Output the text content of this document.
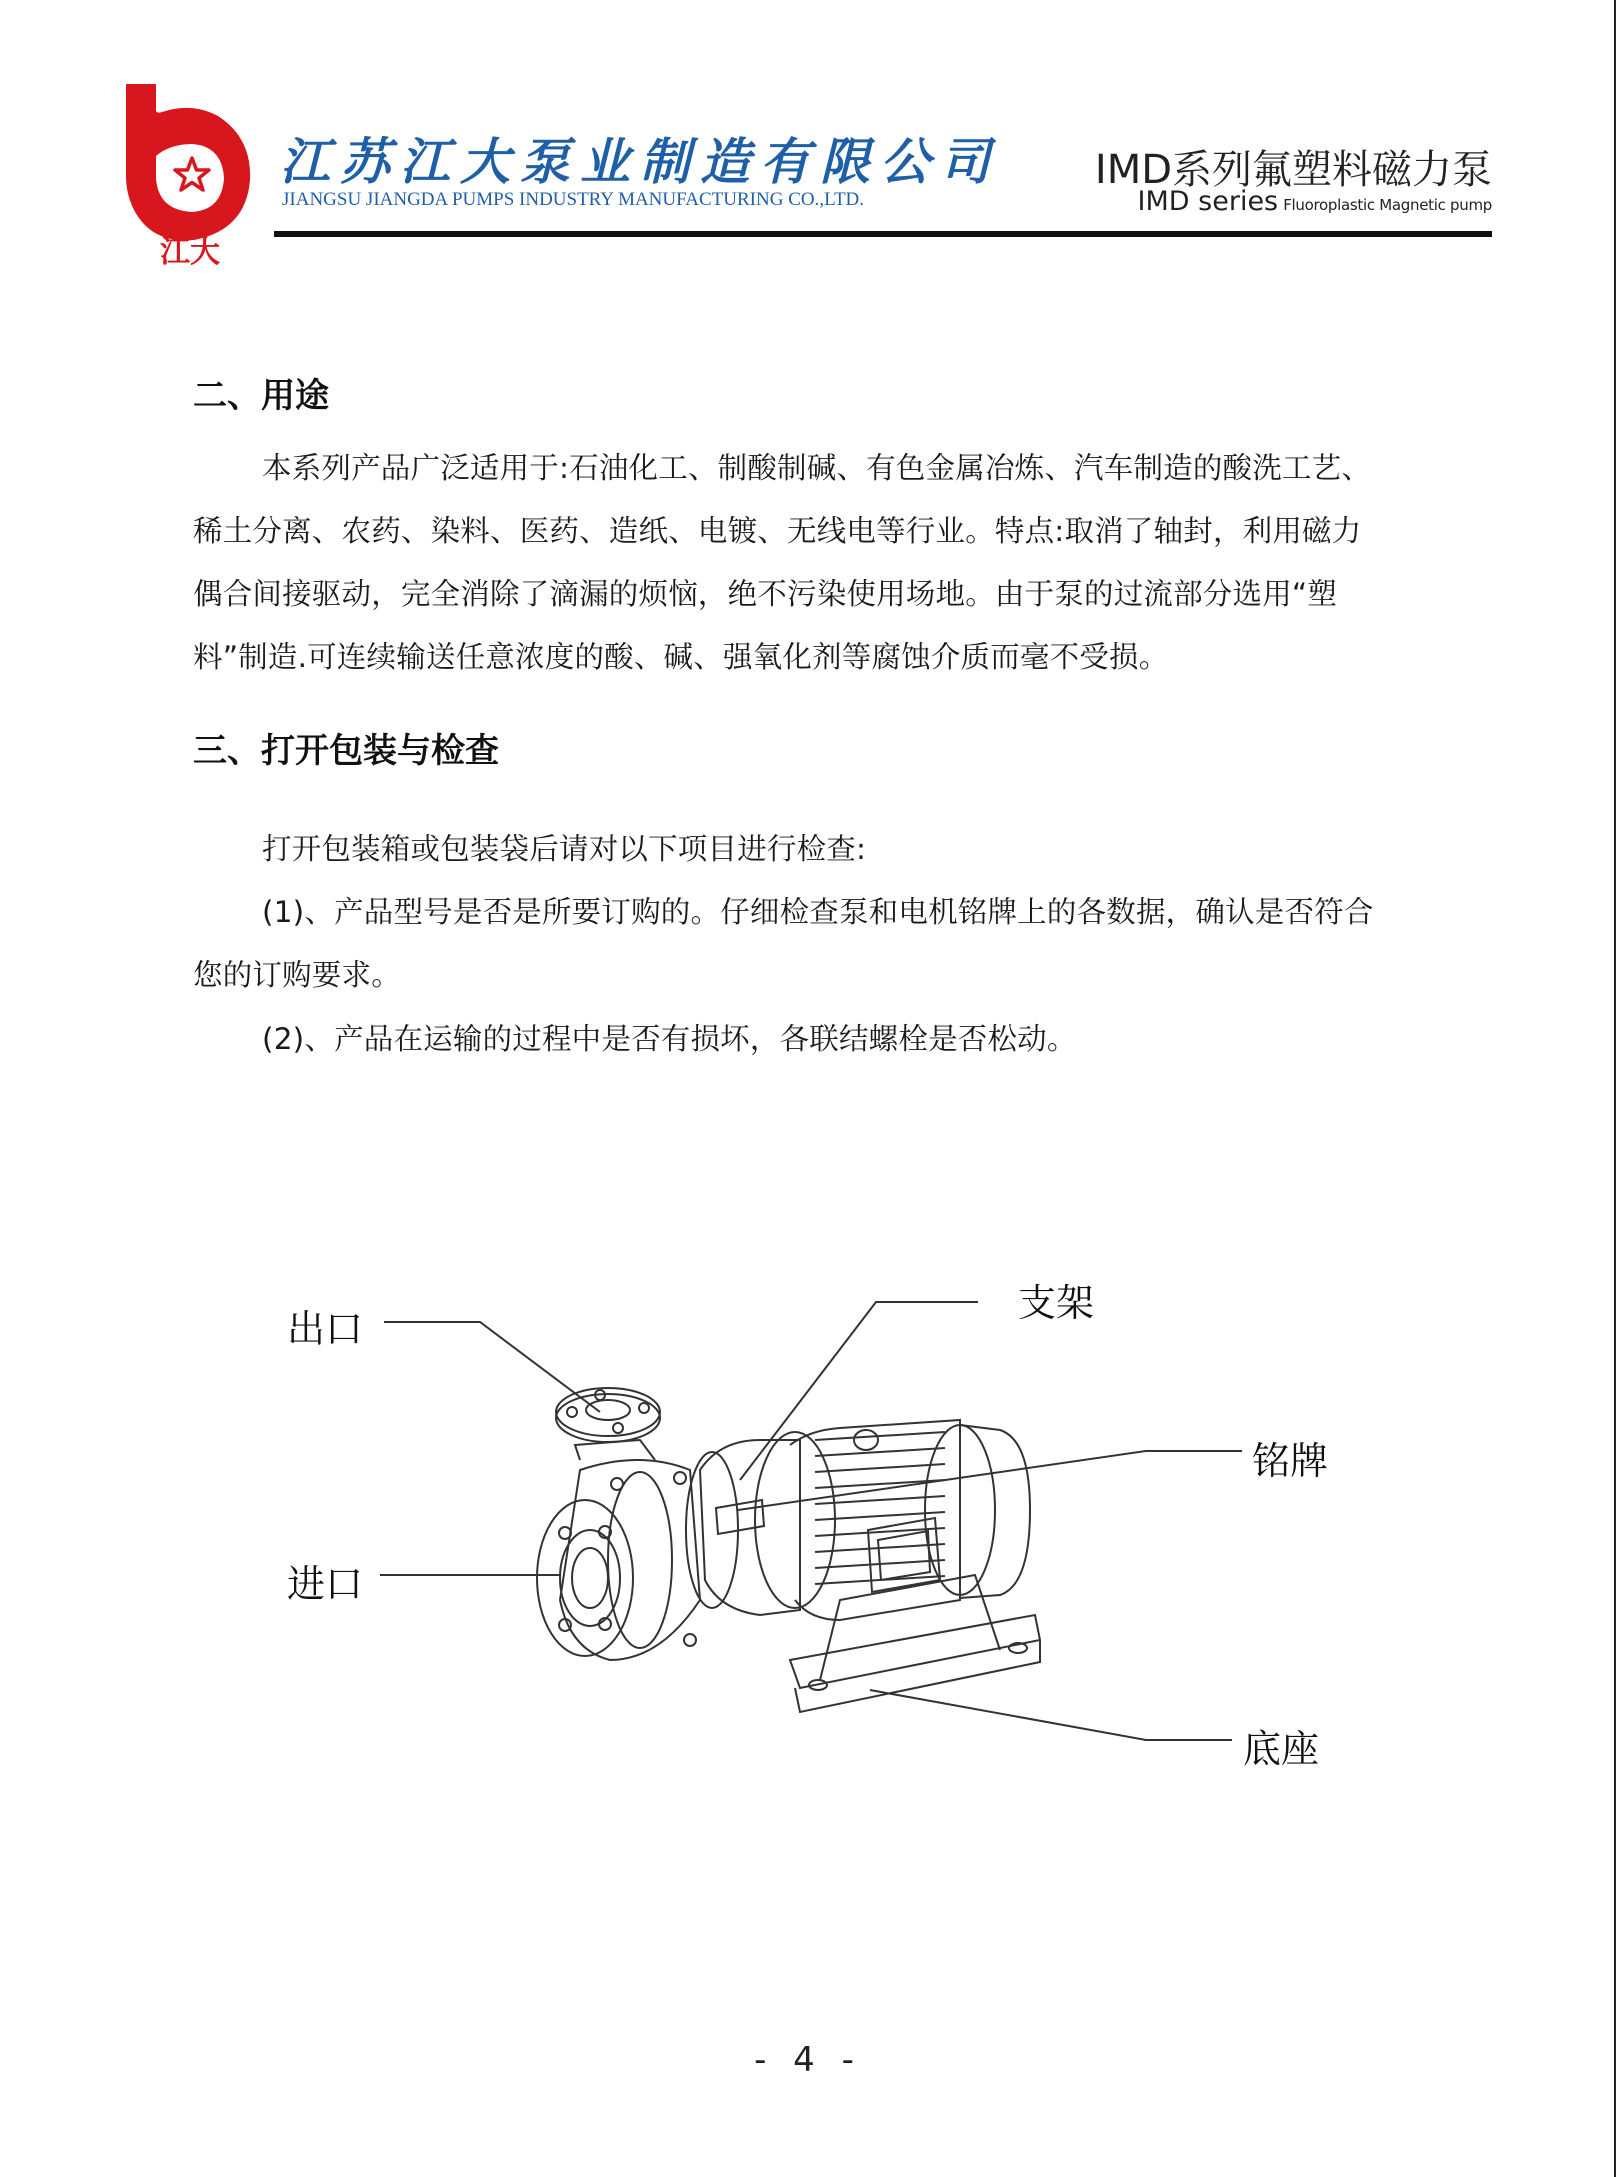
江大
江苏江大泵业制造有限公司
JIANGSU JIANGDA PUMPS INDUSTRY MANUFACTURING CO.,LTD.
IMD系列氟塑料磁力泵
IMD series Fluoroplastic Magnetic pump
二、用途
本系列产品广泛适用于:石油化工、制酸制碱、有色金属冶炼、汽车制造的酸洗工艺、
稀土分离、农药、染料、医药、造纸、电镀、无线电等行业。特点:取消了轴封，利用磁力
偶合间接驱动，完全消除了滴漏的烦恼，绝不污染使用场地。由于泵的过流部分选用“塑
料”制造.可连续输送任意浓度的酸、碱、强氧化剂等腐蚀介质而毫不受损。
三、打开包装与检查
打开包装箱或包装袋后请对以下项目进行检查:
(1)、产品型号是否是所要订购的。仔细检查泵和电机铭牌上的各数据，确认是否符合
您的订购要求。
(2)、产品在运输的过程中是否有损坏，各联结螺栓是否松动。
出口
支架
铭牌
进口
底座
- 4 -
